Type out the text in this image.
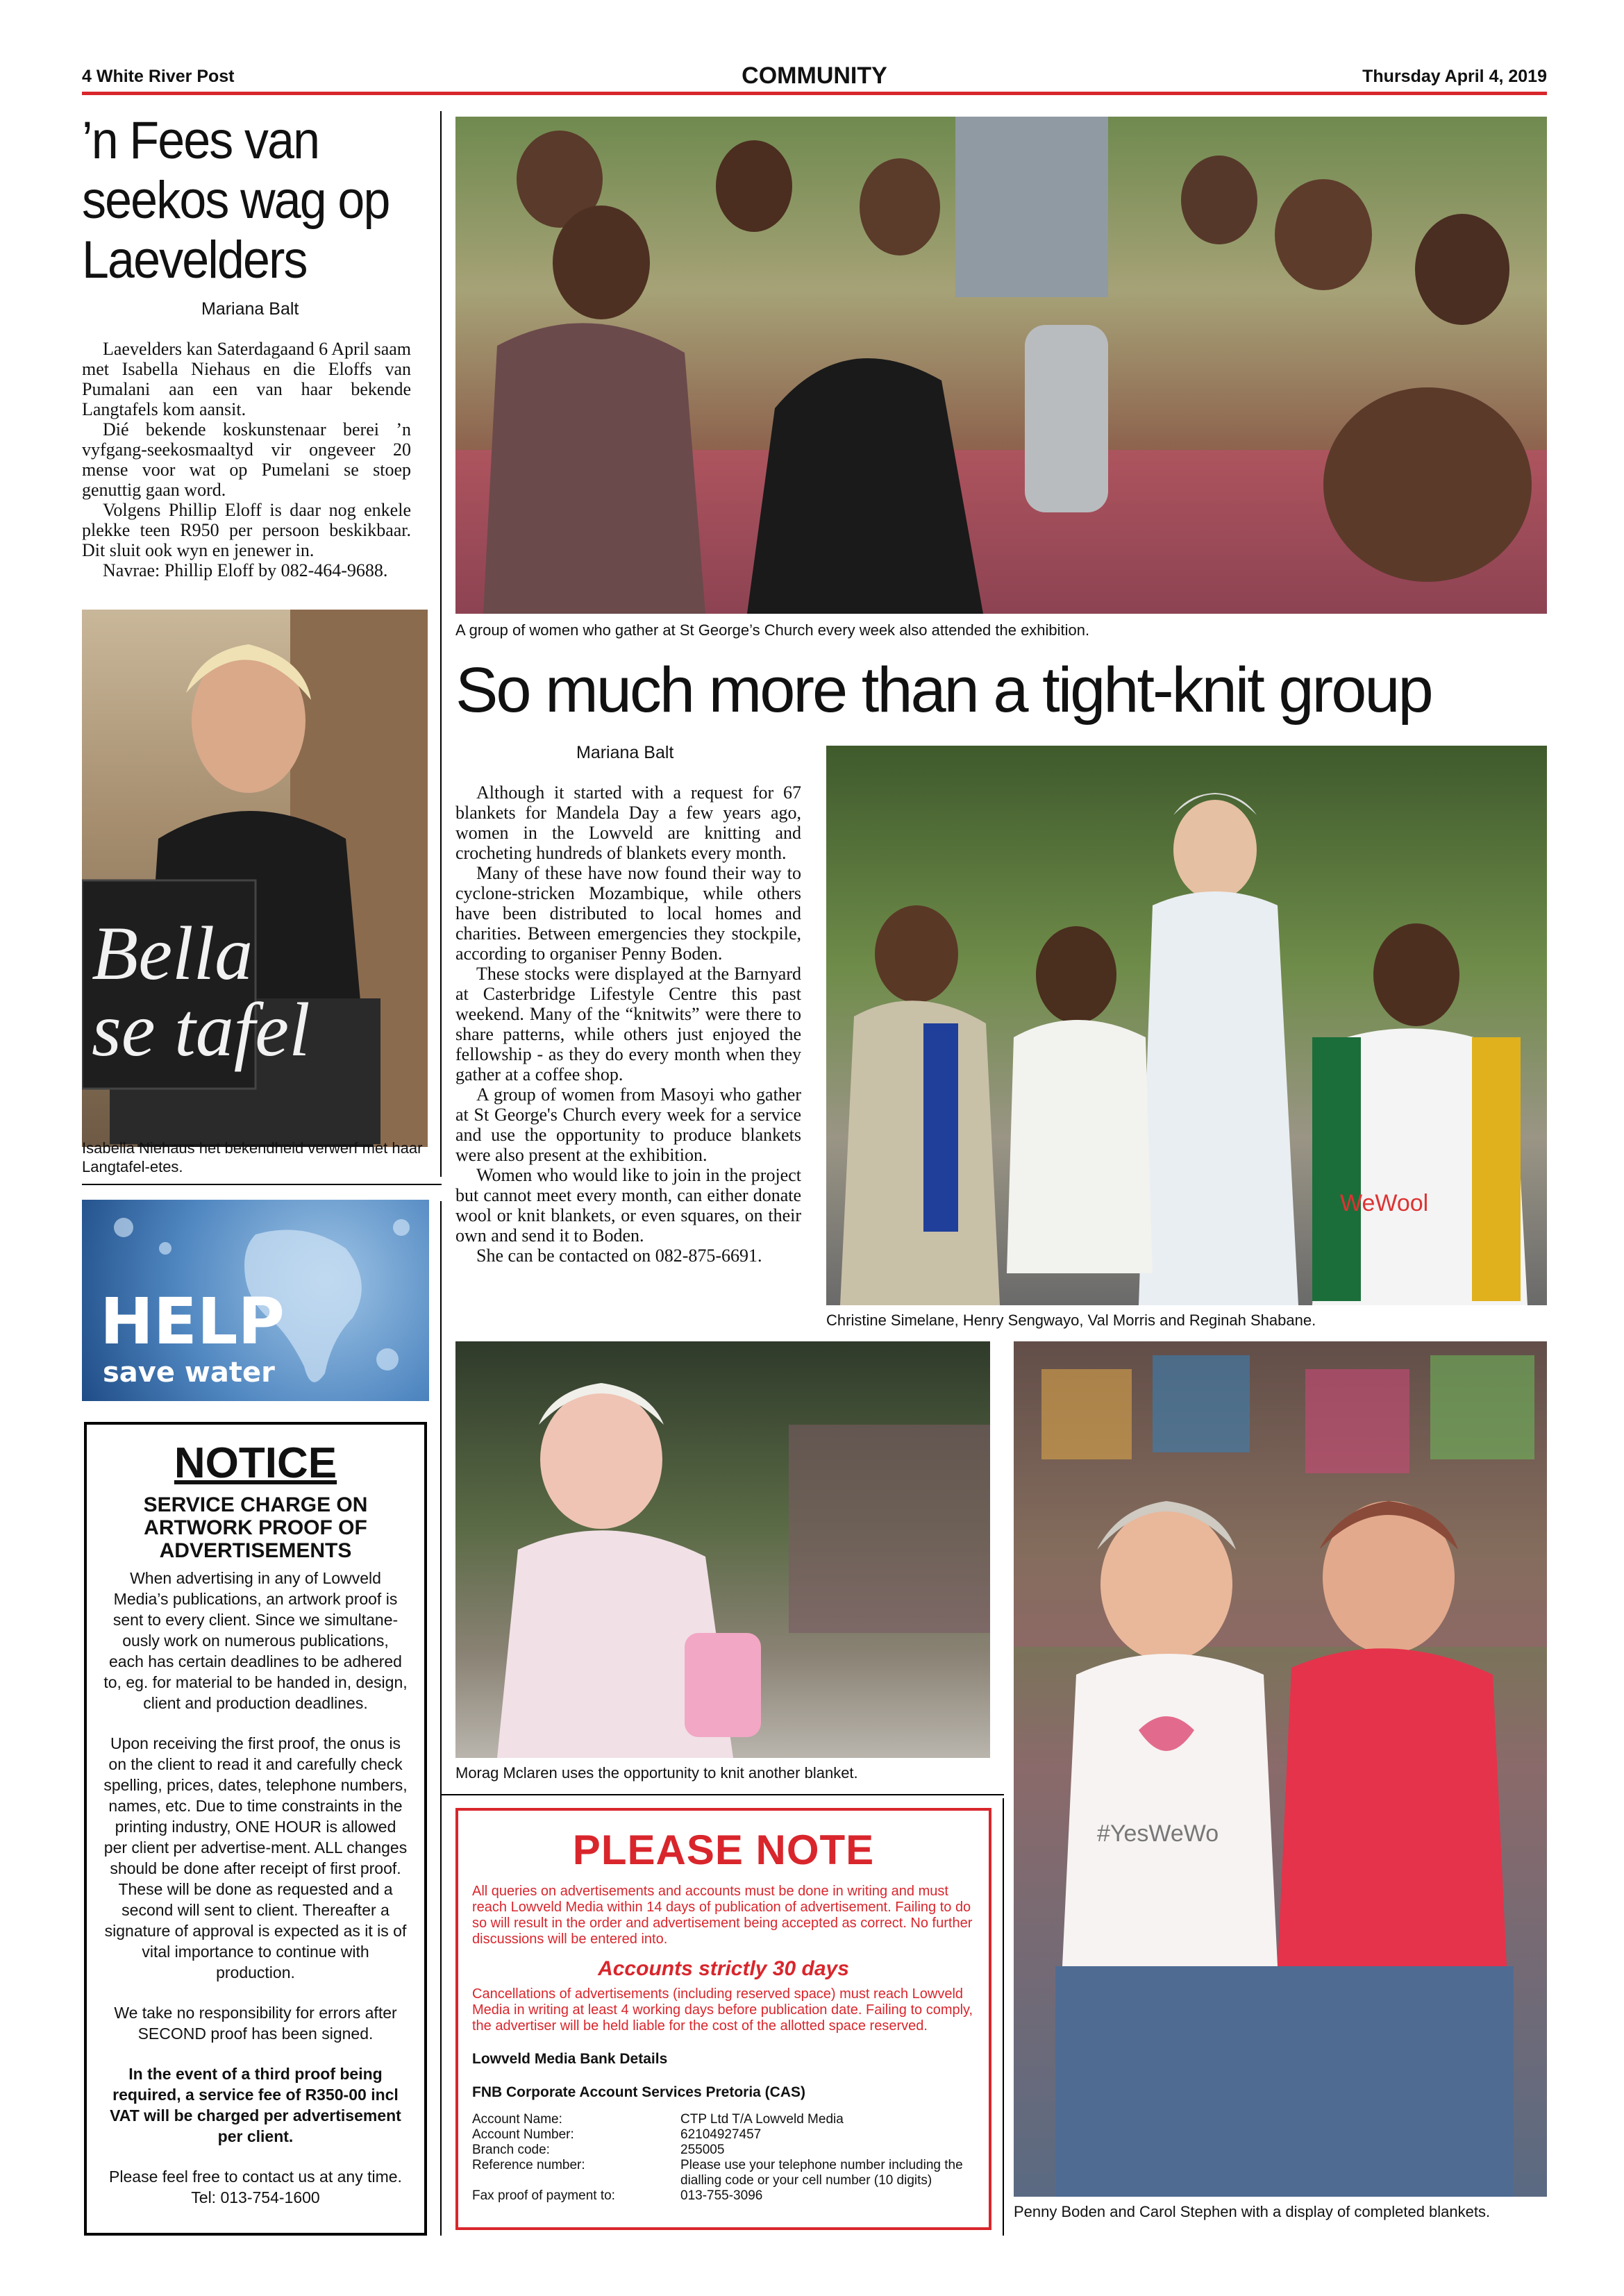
4 White River Post	COMMUNITY	Thursday April 4, 2019
’n Fees van seekos wag op Laevelders
Mariana Balt

Laevelders kan Saterdagaand 6 April saam met Isabella Niehaus en die Eloffs van Pumalani aan een van haar bekende Langtafels kom aansit.

Dié bekende koskunstenaar berei ’n vyfgang-seekosmaaltyd vir ongeveer 20 mense voor wat op Pumelani se stoep genuttig gaan word.

Volgens Phillip Eloff is daar nog enkele plekke teen R950 per persoon beskikbaar. Dit sluit ook wyn en jenewer in.

Navrae: Phillip Eloff by 082-464-9688.

Bella se tafel
Isabella Niehaus het bekendheid verwerf met haar Langtafel-etes.
HELP
save water
NOTICE
SERVICE CHARGE ON ARTWORK PROOF OF ADVERTISEMENTS
When advertising in any of Lowveld Media’s publications, an artwork proof is sent to every client. Since we simultane-ously work on numerous publications, each has certain deadlines to be adhered to, eg. for material to be handed in, design, client and production deadlines.
Upon receiving the first proof, the onus is on the client to read it and carefully check spelling, prices, dates, telephone numbers, names, etc. Due to time constraints in the printing industry, ONE HOUR is allowed per client per advertise-ment. ALL changes should be done after receipt of first proof. These will be done as requested and a second will sent to client. Thereafter a signature of approval is expected as it is of vital importance to continue with production.
We take no responsibility for errors after SECOND proof has been signed.
In the event of a third proof being required, a service fee of R350-00 incl VAT will be charged per advertisement per client.
Please feel free to contact us at any time. Tel: 013-754-1600
A group of women who gather at St George’s Church every week also attended the exhibition.
So much more than a tight-knit group
Mariana Balt

Although it started with a request for 67 blankets for Mandela Day a few years ago, women in the Lowveld are knitting and crocheting hundreds of blankets every month.

Many of these have now found their way to cyclone-stricken Mozambique, while others have been distributed to local homes and charities. Between emergencies they stockpile, according to organiser Penny Boden.

These stocks were displayed at the Barnyard at Casterbridge Lifestyle Centre this past weekend. Many of the “knitwits” were there to share patterns, while others just enjoyed the fellowship - as they do every month when they gather at a coffee shop.

A group of women from Masoyi who gather at St George's Church every week for a service and use the opportunity to produce blankets were also present at the exhibition.

Women who would like to join in the project but cannot meet every month, can either donate wool or knit blankets, or even squares, on their own and send it to Boden.

She can be contacted on 082-875-6691.

WeWool
Christine Simelane, Henry Sengwayo, Val Morris and Reginah Shabane.
Morag Mclaren uses the opportunity to knit another blanket.
#YesWeWo
Penny Boden and Carol Stephen with a display of completed blankets.
PLEASE NOTE
All queries on advertisements and accounts must be done in writing and must reach Lowveld Media within 14 days of publication of advertisement. Failing to do so will result in the order and advertisement being accepted as correct. No further discussions will be entered into.
Accounts strictly 30 days
Cancellations of advertisements (including reserved space) must reach Lowveld Media in writing at least 4 working days before publication date. Failing to comply, the advertiser will be held liable for the cost of the allotted space reserved.
Lowveld Media Bank Details
FNB Corporate Account Services Pretoria (CAS)
Account Name:	CTP Ltd T/A Lowveld Media
Account Number:	62104927457
Branch code:	255005
Reference number:	Please use your telephone number including the dialling code or your cell number (10 digits)
Fax proof of payment to:	013-755-3096
